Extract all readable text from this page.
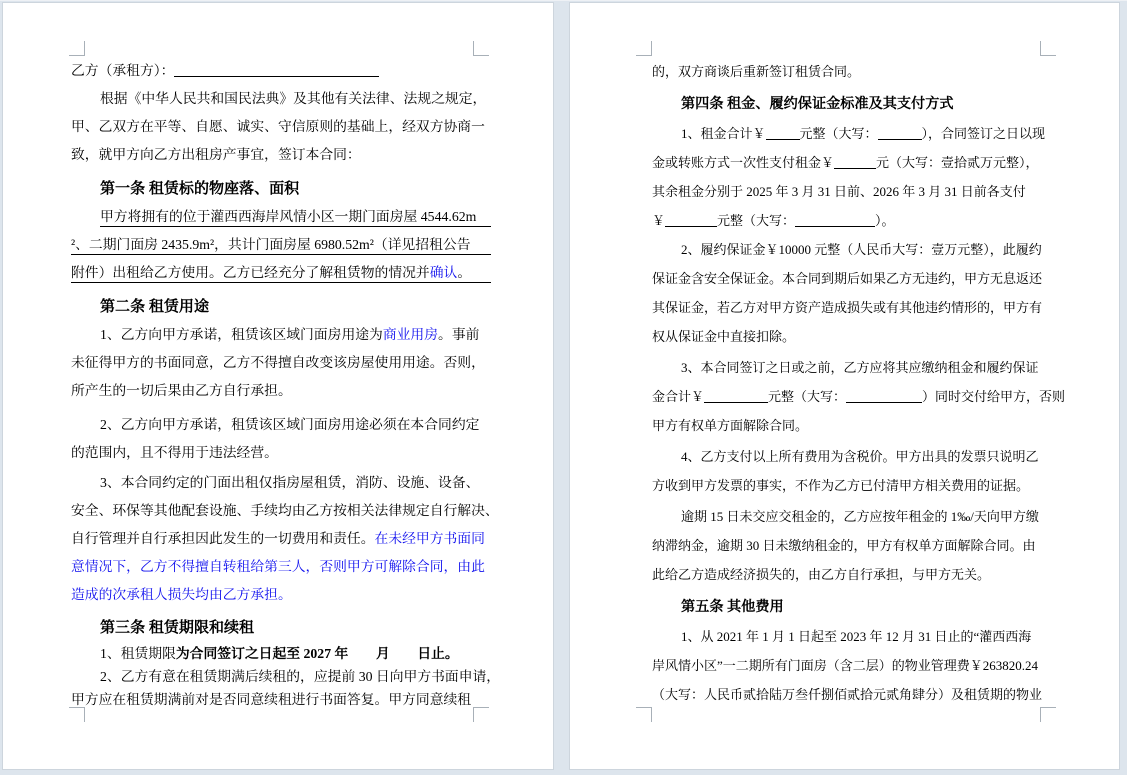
乙方（承租方）：
根据《中华人民共和国民法典》及其他有关法律、法规之规定，
甲、乙双方在平等、自愿、诚实、守信原则的基础上，经双方协商一
致，就甲方向乙方出租房产事宜，签订本合同：
第一条 租赁标的物座落、面积
甲方将拥有的位于灌西西海岸风情小区一期门面房屋 4544.62m
²、二期门面房 2435.9m²，共计门面房屋 6980.52m²（详见招租公告
附件）出租给乙方使用。乙方已经充分了解租赁物的情况并确认。
第二条 租赁用途
1、乙方向甲方承诺，租赁该区域门面房用途为商业用房。事前
未征得甲方的书面同意，乙方不得擅自改变该房屋使用用途。否则，
所产生的一切后果由乙方自行承担。
2、乙方向甲方承诺，租赁该区域门面房用途必须在本合同约定
的范围内，且不得用于违法经营。
3、本合同约定的门面出租仅指房屋租赁，消防、设施、设备、
安全、环保等其他配套设施、手续均由乙方按相关法律规定自行解决、
自行管理并自行承担因此发生的一切费用和责任。在未经甲方书面同
意情况下，乙方不得擅自转租给第三人，否则甲方可解除合同，由此
造成的次承租人损失均由乙方承担。
第三条 租赁期限和续租
1、租赁期限为合同签订之日起至 2027 年　　月　　日止。
2、乙方有意在租赁期满后续租的，应提前 30 日向甲方书面申请，
甲方应在租赁期满前对是否同意续租进行书面答复。甲方同意续租
的，双方商谈后重新签订租赁合同。
第四条 租金、履约保证金标准及其支付方式
1、租金合计￥	元整（大写：	），合同签订之日以现
金或转账方式一次性支付租金￥	元（大写：壹拾贰万元整），
其余租金分别于 2025 年 3 月 31 日前、2026 年 3 月 31 日前各支付
￥	元整（大写：	）。
2、履约保证金￥10000 元整（人民币大写：壹万元整），此履约
保证金含安全保证金。本合同到期后如果乙方无违约，甲方无息返还
其保证金，若乙方对甲方资产造成损失或有其他违约情形的，甲方有
权从保证金中直接扣除。
3、本合同签订之日或之前，乙方应将其应缴纳租金和履约保证
金合计￥	元整（大写：	）同时交付给甲方，否则
甲方有权单方面解除合同。
4、乙方支付以上所有费用为含税价。甲方出具的发票只说明乙
方收到甲方发票的事实，不作为乙方已付清甲方相关费用的证据。
逾期 15 日未交应交租金的，乙方应按年租金的 1‰/天向甲方缴
纳滞纳金，逾期 30 日未缴纳租金的，甲方有权单方面解除合同。由
此给乙方造成经济损失的，由乙方自行承担，与甲方无关。
第五条 其他费用
1、从 2021 年 1 月 1 日起至 2023 年 12 月 31 日止的“灌西西海
岸风情小区”一二期所有门面房（含二层）的物业管理费￥263820.24
（大写：人民币贰拾陆万叁仟捌佰贰拾元贰角肆分）及租赁期的物业
